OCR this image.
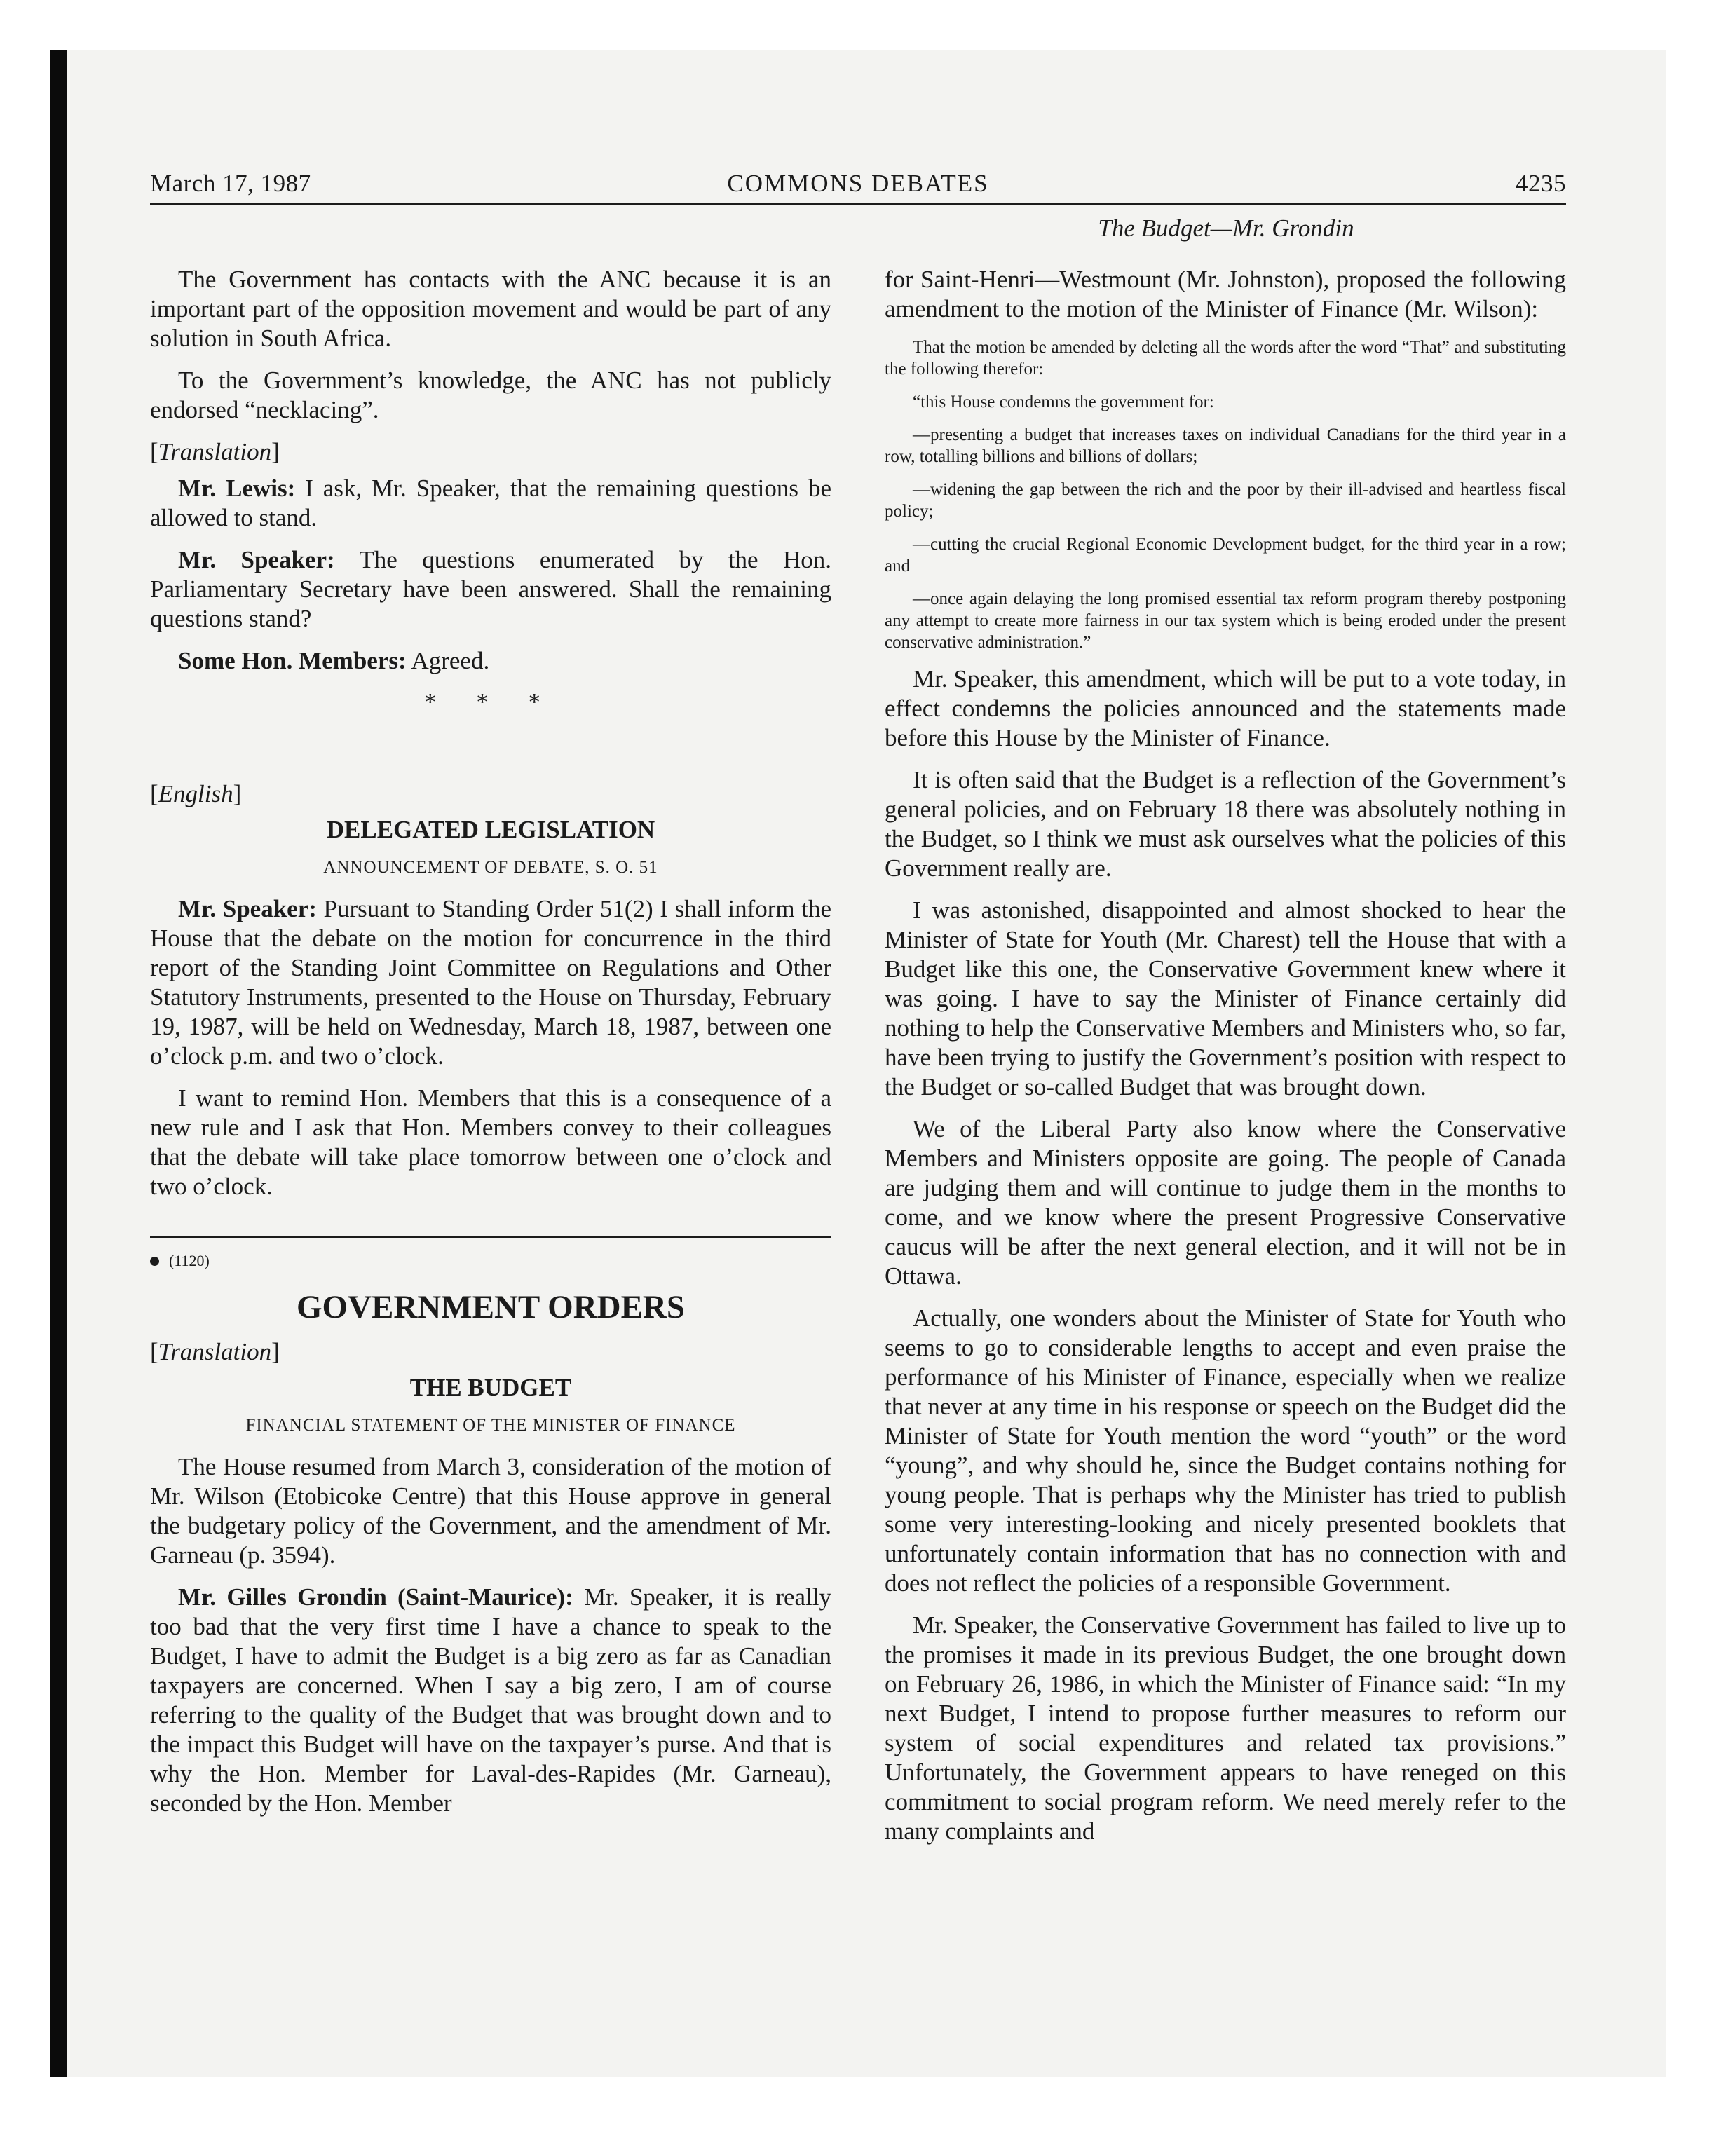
March 17, 1987	COMMONS DEBATES	4235
The Budget—Mr. Grondin

The Government has contacts with the ANC because it is an important part of the opposition movement and would be part of any solution in South Africa.

To the Government’s knowledge, the ANC has not publicly endorsed “necklacing”.

[Translation]

Mr. Lewis: I ask, Mr. Speaker, that the remaining questions be allowed to stand.

Mr. Speaker: The questions enumerated by the Hon. Parliamentary Secretary have been answered. Shall the remaining questions stand?

Some Hon. Members: Agreed.

* * *
[English]
DELEGATED LEGISLATION
ANNOUNCEMENT OF DEBATE, S. O. 51

Mr. Speaker: Pursuant to Standing Order 51(2) I shall inform the House that the debate on the motion for concurrence in the third report of the Standing Joint Committee on Regulations and Other Statutory Instruments, presented to the House on Thursday, February 19, 1987, will be held on Wednesday, March 18, 1987, between one o’clock p.m. and two o’clock.

I want to remind Hon. Members that this is a consequence of a new rule and I ask that Hon. Members convey to their colleagues that the debate will take place tomorrow between one o’clock and two o’clock.

(1120)
GOVERNMENT ORDERS
[Translation]
THE BUDGET
FINANCIAL STATEMENT OF THE MINISTER OF FINANCE

The House resumed from March 3, consideration of the motion of Mr. Wilson (Etobicoke Centre) that this House approve in general the budgetary policy of the Government, and the amendment of Mr. Garneau (p. 3594).

Mr. Gilles Grondin (Saint-Maurice): Mr. Speaker, it is really too bad that the very first time I have a chance to speak to the Budget, I have to admit the Budget is a big zero as far as Canadian taxpayers are concerned. When I say a big zero, I am of course referring to the quality of the Budget that was brought down and to the impact this Budget will have on the taxpayer’s purse. And that is why the Hon. Member for Laval-des-Rapides (Mr. Garneau), seconded by the Hon. Member

for Saint-Henri—Westmount (Mr. Johnston), proposed the following amendment to the motion of the Minister of Finance (Mr. Wilson):

That the motion be amended by deleting all the words after the word “That” and substituting the following therefor:

“this House condemns the government for:

—presenting a budget that increases taxes on individual Canadians for the third year in a row, totalling billions and billions of dollars;

—widening the gap between the rich and the poor by their ill-advised and heartless fiscal policy;

—cutting the crucial Regional Economic Development budget, for the third year in a row; and

—once again delaying the long promised essential tax reform program thereby postponing any attempt to create more fairness in our tax system which is being eroded under the present conservative administration.”

Mr. Speaker, this amendment, which will be put to a vote today, in effect condemns the policies announced and the statements made before this House by the Minister of Finance.

It is often said that the Budget is a reflection of the Government’s general policies, and on February 18 there was absolutely nothing in the Budget, so I think we must ask ourselves what the policies of this Government really are.

I was astonished, disappointed and almost shocked to hear the Minister of State for Youth (Mr. Charest) tell the House that with a Budget like this one, the Conservative Government knew where it was going. I have to say the Minister of Finance certainly did nothing to help the Conservative Members and Ministers who, so far, have been trying to justify the Government’s position with respect to the Budget or so-called Budget that was brought down.

We of the Liberal Party also know where the Conservative Members and Ministers opposite are going. The people of Canada are judging them and will continue to judge them in the months to come, and we know where the present Progressive Conservative caucus will be after the next general election, and it will not be in Ottawa.

Actually, one wonders about the Minister of State for Youth who seems to go to considerable lengths to accept and even praise the performance of his Minister of Finance, especially when we realize that never at any time in his response or speech on the Budget did the Minister of State for Youth mention the word “youth” or the word “young”, and why should he, since the Budget contains nothing for young people. That is perhaps why the Minister has tried to publish some very interesting-looking and nicely presented booklets that unfortunately contain information that has no connection with and does not reflect the policies of a responsible Government.

Mr. Speaker, the Conservative Government has failed to live up to the promises it made in its previous Budget, the one brought down on February 26, 1986, in which the Minister of Finance said: “In my next Budget, I intend to propose further measures to reform our system of social expenditures and related tax provisions.” Unfortunately, the Government appears to have reneged on this commitment to social program reform. We need merely refer to the many complaints and
